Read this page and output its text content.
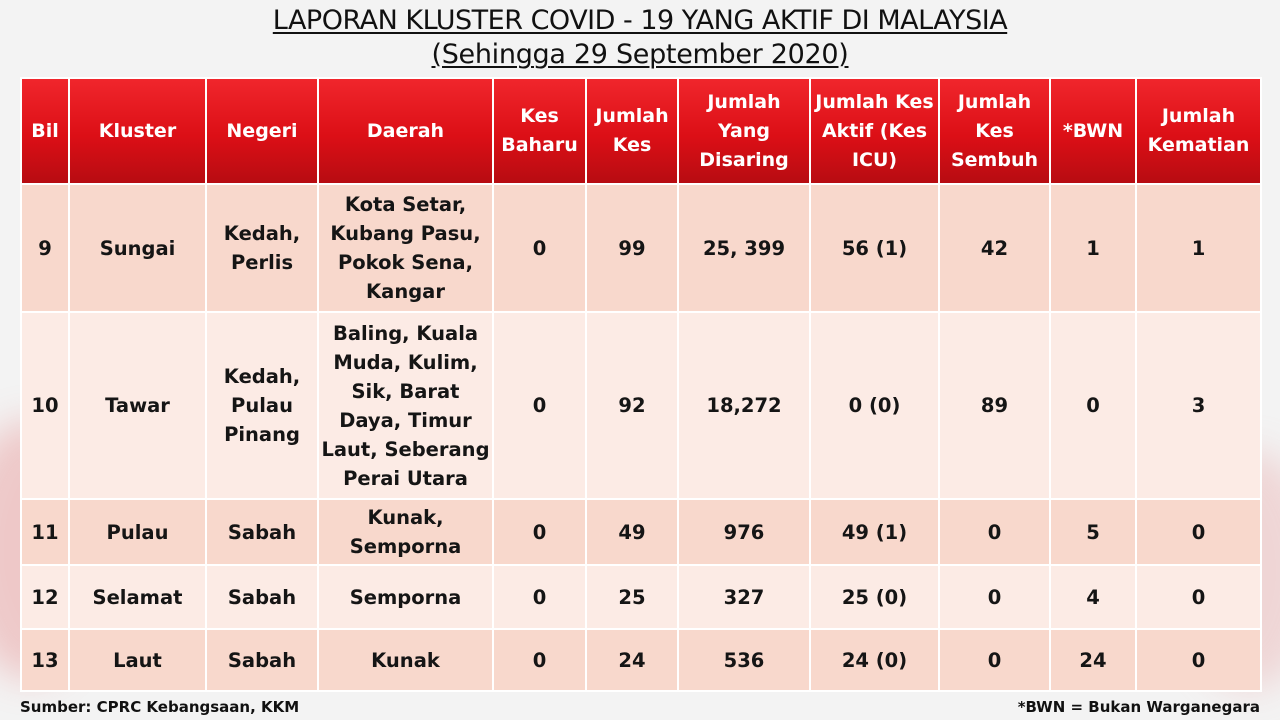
LAPORAN KLUSTER COVID - 19 YANG AKTIF DI MALAYSIA
(Sehingga 29 September 2020)
Bil	Kluster	Negeri	Daerah	Kes Baharu	Jumlah Kes	Jumlah Yang Disaring	Jumlah Kes Aktif (Kes ICU)	Jumlah Kes Sembuh	*BWN	Jumlah Kematian
9	Sungai	Kedah, Perlis	Kota Setar, Kubang Pasu, Pokok Sena, Kangar	0	99	25, 399	56 (1)	42	1	1
10	Tawar	Kedah, Pulau Pinang	Baling, Kuala Muda, Kulim, Sik, Barat Daya, Timur Laut, Seberang Perai Utara	0	92	18,272	0 (0)	89	0	3
11	Pulau	Sabah	Kunak, Semporna	0	49	976	49 (1)	0	5	0
12	Selamat	Sabah	Semporna	0	25	327	25 (0)	0	4	0
13	Laut	Sabah	Kunak	0	24	536	24 (0)	0	24	0
Sumber: CPRC Kebangsaan, KKM	*BWN = Bukan Warganegara
